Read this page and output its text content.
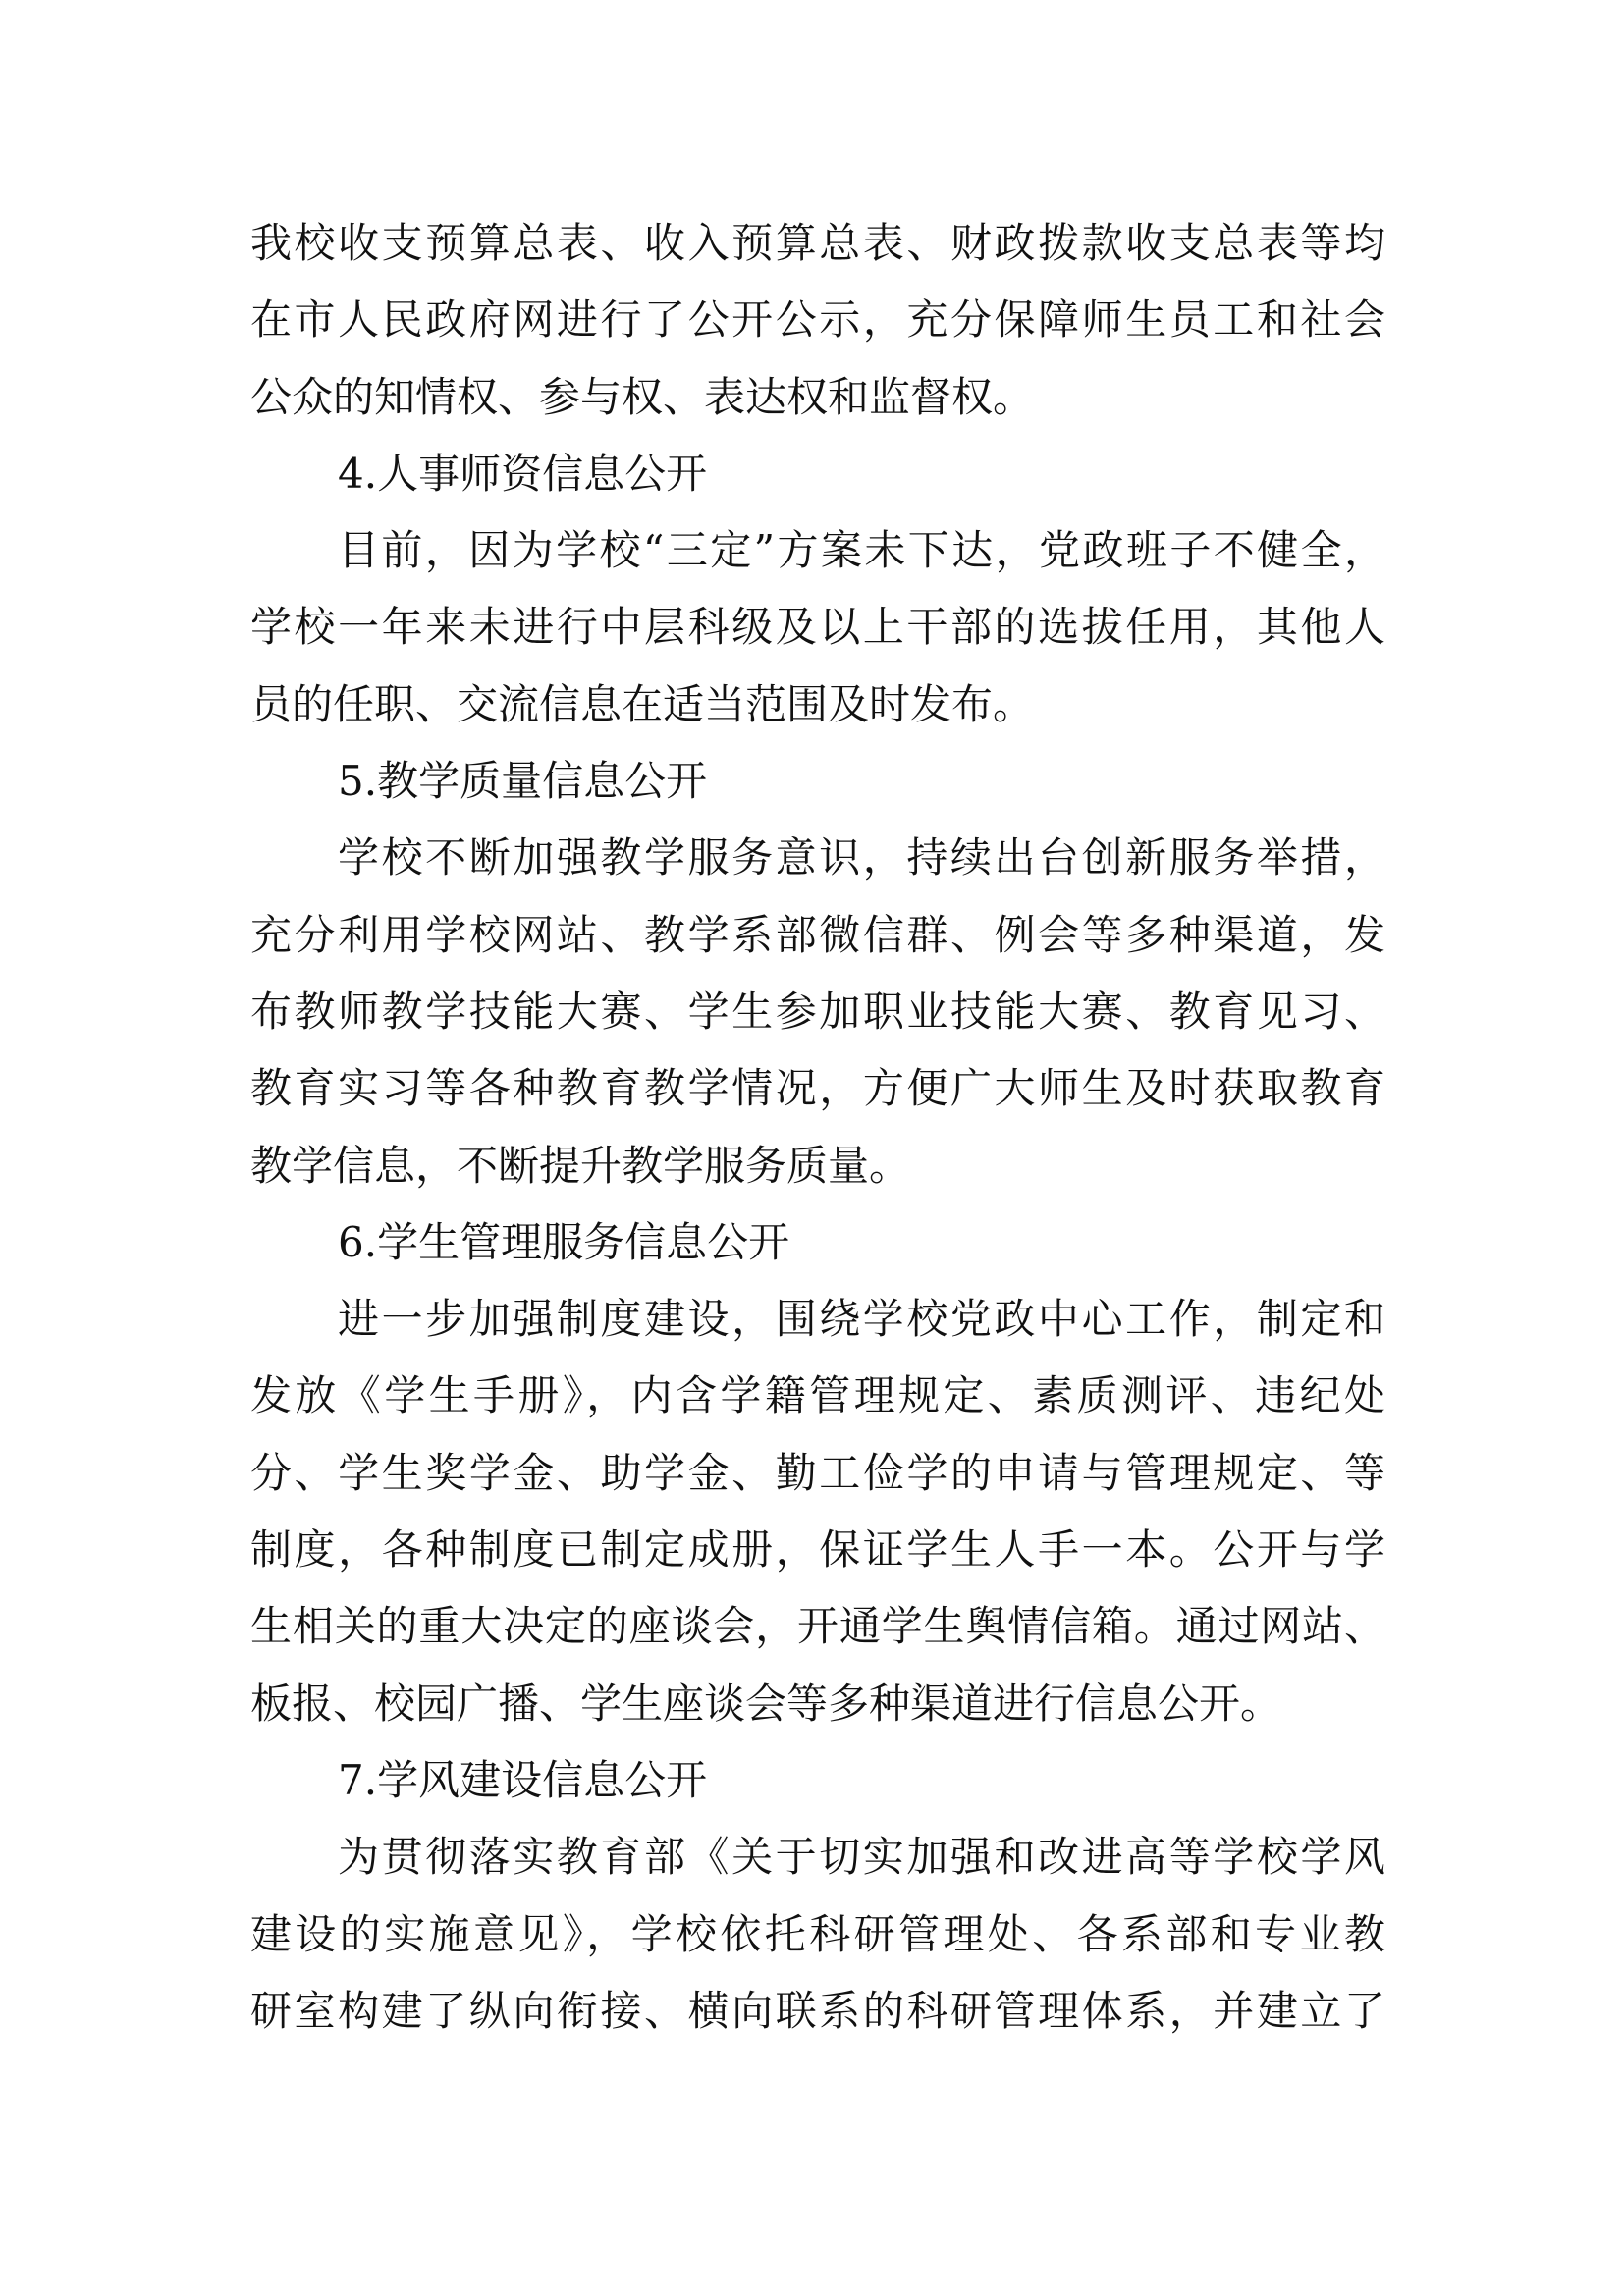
我校收支预算总表、收入预算总表、财政拨款收支总表等均
在市人民政府网进行了公开公示，充分保障师生员工和社会
公众的知情权、参与权、表达权和监督权。
4.人事师资信息公开
目前，因为学校“三定”方案未下达，党政班子不健全，
学校一年来未进行中层科级及以上干部的选拔任用，其他人
员的任职、交流信息在适当范围及时发布。
5.教学质量信息公开
学校不断加强教学服务意识，持续出台创新服务举措，
充分利用学校网站、教学系部微信群、例会等多种渠道，发
布教师教学技能大赛、学生参加职业技能大赛、教育见习、
教育实习等各种教育教学情况，方便广大师生及时获取教育
教学信息，不断提升教学服务质量。
6.学生管理服务信息公开
进一步加强制度建设，围绕学校党政中心工作，制定和
发放《学生手册》，内含学籍管理规定、素质测评、违纪处
分、学生奖学金、助学金、勤工俭学的申请与管理规定、等
制度，各种制度已制定成册，保证学生人手一本。公开与学
生相关的重大决定的座谈会，开通学生舆情信箱。通过网站、
板报、校园广播、学生座谈会等多种渠道进行信息公开。
7.学风建设信息公开
为贯彻落实教育部《关于切实加强和改进高等学校学风
建设的实施意见》，学校依托科研管理处、各系部和专业教
研室构建了纵向衔接、横向联系的科研管理体系，并建立了
